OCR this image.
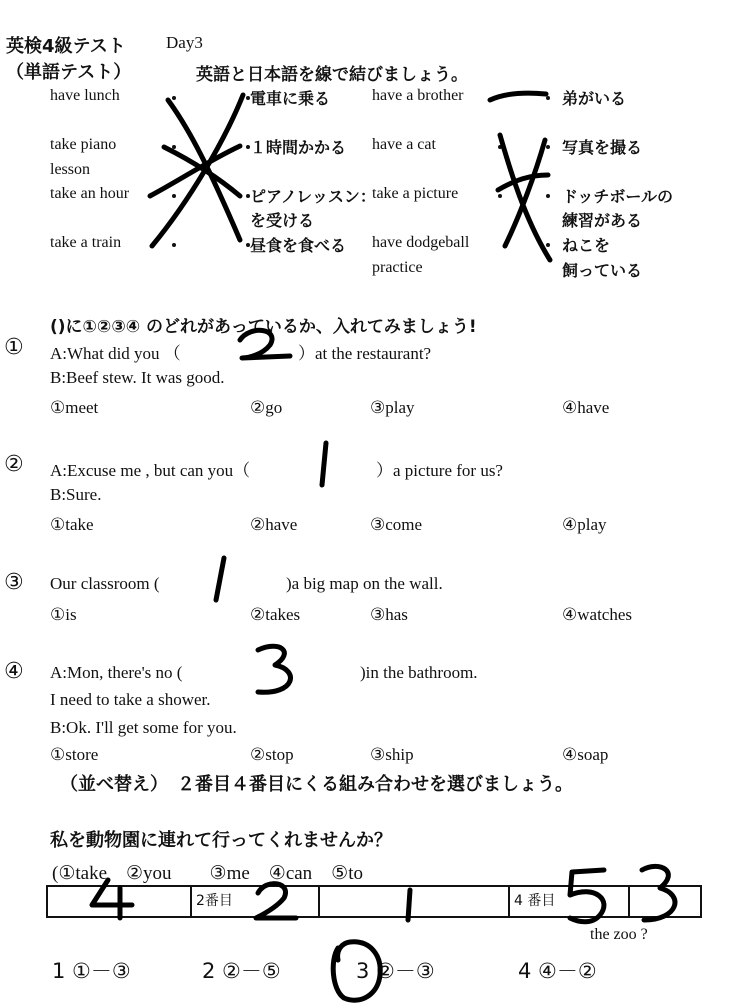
英検4級テスト Day3
（単語テスト）	英語と日本語を線で結びましょう。
have lunch
take piano
lesson
take an hour
take a train
電車に乗る
１時間かかる
ピアノレッスン：
を受ける
昼食を食べる
have a brother
have a cat
take a picture
have dodgeball
practice
弟がいる
写真を撮る
ドッチボールの
練習がある
ねこを
飼っている
()に①②③④ のどれがあっているか、入れてみましょう!
① A:What did you （	）at the restaurant?
B:Beef stew. It was good.
①meet	②go	③play	④have
② A:Excuse me , but can you（	）a picture for us?
B:Sure.
①take	②have	③come	④play
③ Our classroom (	)a big map on the wall.
①is	②takes	③has	④watches
④ A:Mon, there's no (	)in the bathroom.
I need to take a shower.
B:Ok. I'll get some for you.
①store	②stop	③ship	④soap
（並べ替え）　２番目４番目にくる組み合わせを選びましょう。
私を動物園に連れて行ってくれませんか？
(①take　②you　　③me　④can　⑤to
2番目	4 番目
the zoo ?
1 ①－③	2 ②－⑤	3 ②－③	4 ④－②
